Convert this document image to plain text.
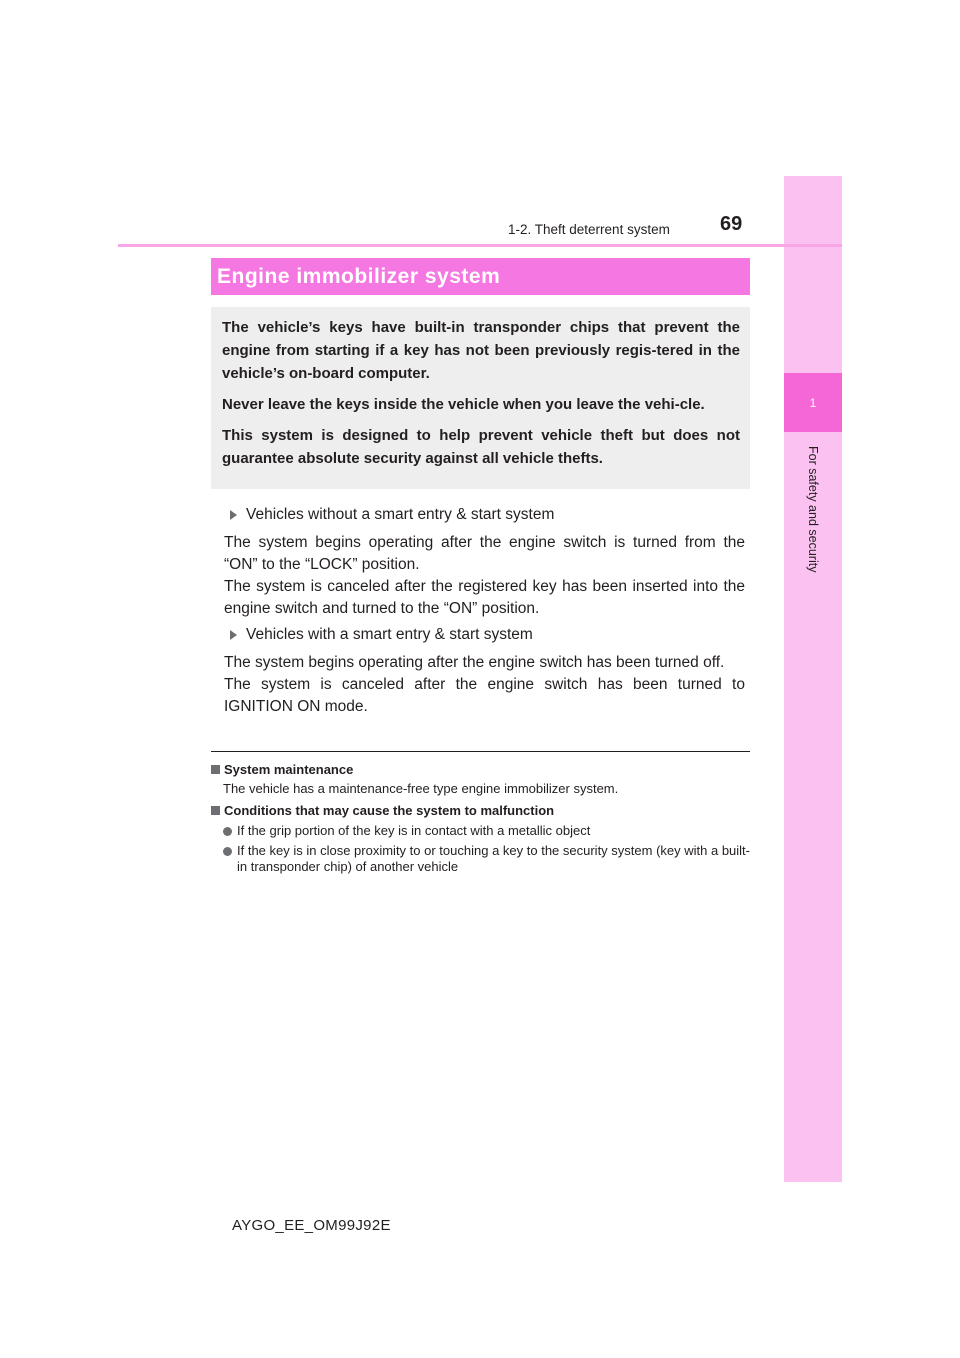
1
For safety and security
69
1-2. Theft deterrent system
Engine immobilizer system

The vehicle’s keys have built-in transponder chips that prevent the engine from starting if a key has not been previously regis-tered in the vehicle’s on-board computer.

Never leave the keys inside the vehicle when you leave the vehi-cle.

This system is designed to help prevent vehicle theft but does not guarantee absolute security against all vehicle thefts.

Vehicles without a smart entry & start system

The system begins operating after the engine switch is turned from the “ON” to the “LOCK” position.

The system is canceled after the registered key has been inserted into the engine switch and turned to the “ON” position.

Vehicles with a smart entry & start system

The system begins operating after the engine switch has been turned off.

The system is canceled after the engine switch has been turned to IGNITION ON mode.

System maintenance
The vehicle has a maintenance-free type engine immobilizer system.
Conditions that may cause the system to malfunction
If the grip portion of the key is in contact with a metallic object
If the key is in close proximity to or touching a key to the security system (key with a built-in transponder chip) of another vehicle
AYGO_EE_OM99J92E
